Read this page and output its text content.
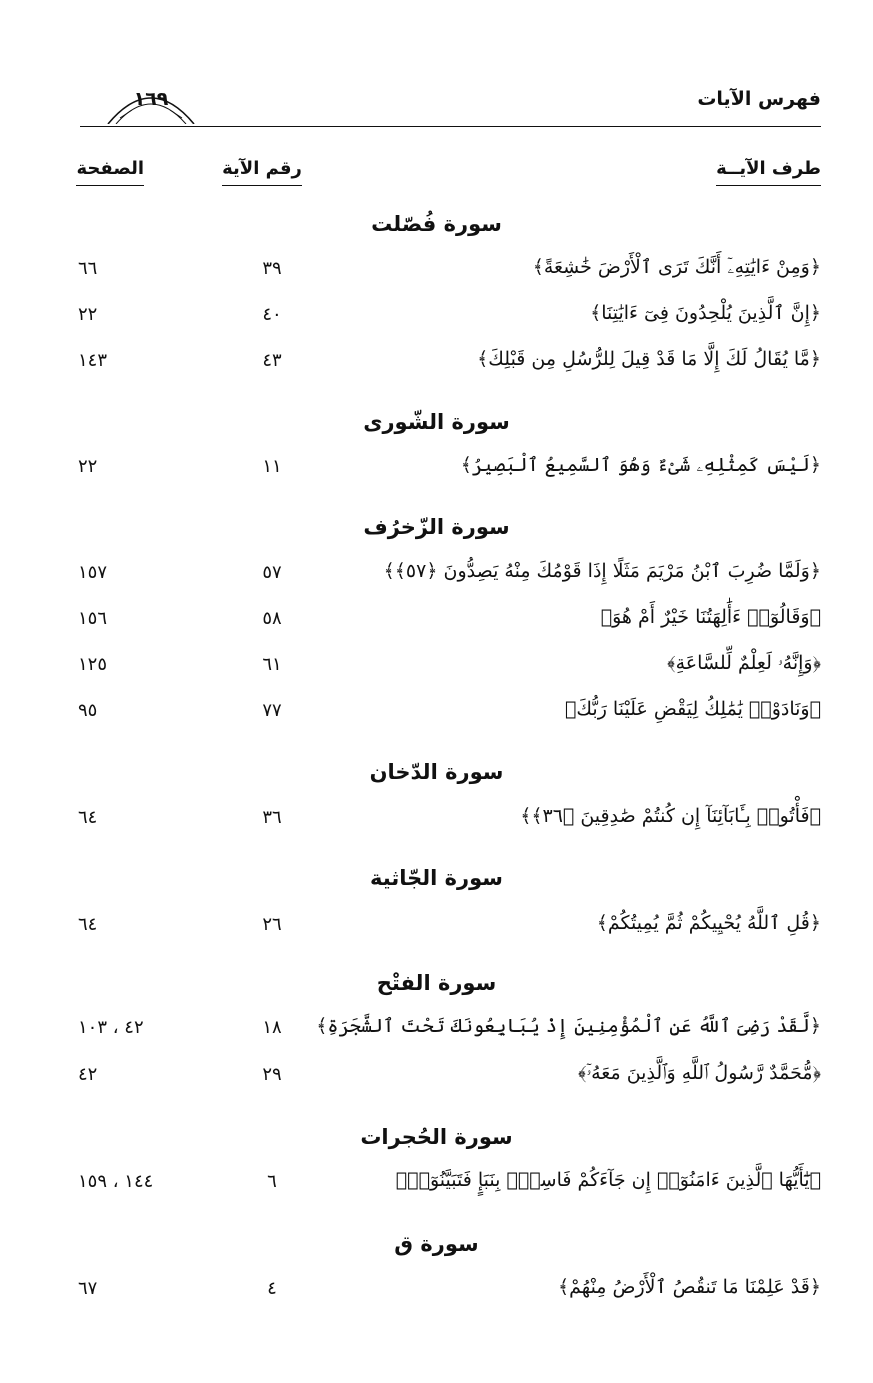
فهرس الآيات
١٦٩
طرف الآيــة
رقم الآية
الصفحة
سورة فُصّلت
﴿وَمِنْ ءَايَٰتِهِۦٓ أَنَّكَ تَرَى ٱلْأَرْضَ خَٰشِعَةً﴾
٣٩
٦٦
﴿إِنَّ ٱلَّذِينَ يُلْحِدُونَ فِىٓ ءَايَٰتِنَا﴾
٤٠
٢٢
﴿مَّا يُقَالُ لَكَ إِلَّا مَا قَدْ قِيلَ لِلرُّسُلِ مِن قَبْلِكَ﴾
٤٣
١٤٣
سورة الشّورى
﴿لَيْسَ كَمِثْلِهِۦ شَىْءٌ وَهُوَ ٱلسَّمِيعُ ٱلْبَصِيرُ﴾
١١
٢٢
سورة الزّخرُف
﴿وَلَمَّا ضُرِبَ ٱبْنُ مَرْيَمَ مَثَلًا إِذَا قَوْمُكَ مِنْهُ يَصِدُّونَ ﴿٥٧﴾﴾
٥٧
١٥٧
﴿وَقَالُوٓا۟ ءَأَٰلِهَتُنَا خَيْرٌ أَمْ هُوَ﴾
٥٨
١٥٦
﴿وَإِنَّهُۥ لَعِلْمٌ لِّلسَّاعَةِ﴾
٦١
١٢٥
﴿وَنَادَوْا۟ يَٰمَٰلِكُ لِيَقْضِ عَلَيْنَا رَبُّكَ﴾
٧٧
٩٥
سورة الدّخان
﴿فَأْتُوا۟ بِـَٔابَآئِنَآ إِن كُنتُمْ صَٰدِقِينَ ﴿٣٦﴾﴾
٣٦
٦٤
سورة الجّاثية
﴿قُلِ ٱللَّهُ يُحْيِيكُمْ ثُمَّ يُمِيتُكُمْ﴾
٢٦
٦٤
سورة الفتْح
﴿لَّقَدْ رَضِىَ ٱللَّهُ عَنِ ٱلْمُؤْمِنِينَ إِذْ يُبَايِعُونَكَ تَحْتَ ٱلشَّجَرَةِ﴾
١٨
٤٢ ، ١٠٣
﴿مُّحَمَّدٌ رَّسُولُ ٱللَّهِ وَٱلَّذِينَ مَعَهُۥٓ﴾
٢٩
٤٢
سورة الحُجرات
﴿يَٰٓأَيُّهَا ٱلَّذِينَ ءَامَنُوٓا۟ إِن جَآءَكُمْ فَاسِقٌۢ بِنَبَإٍ فَتَبَيَّنُوٓا۟﴾
٦
١٤٤ ، ١٥٩
سورة ق
﴿قَدْ عَلِمْنَا مَا تَنقُصُ ٱلْأَرْضُ مِنْهُمْ﴾
٤
٦٧
